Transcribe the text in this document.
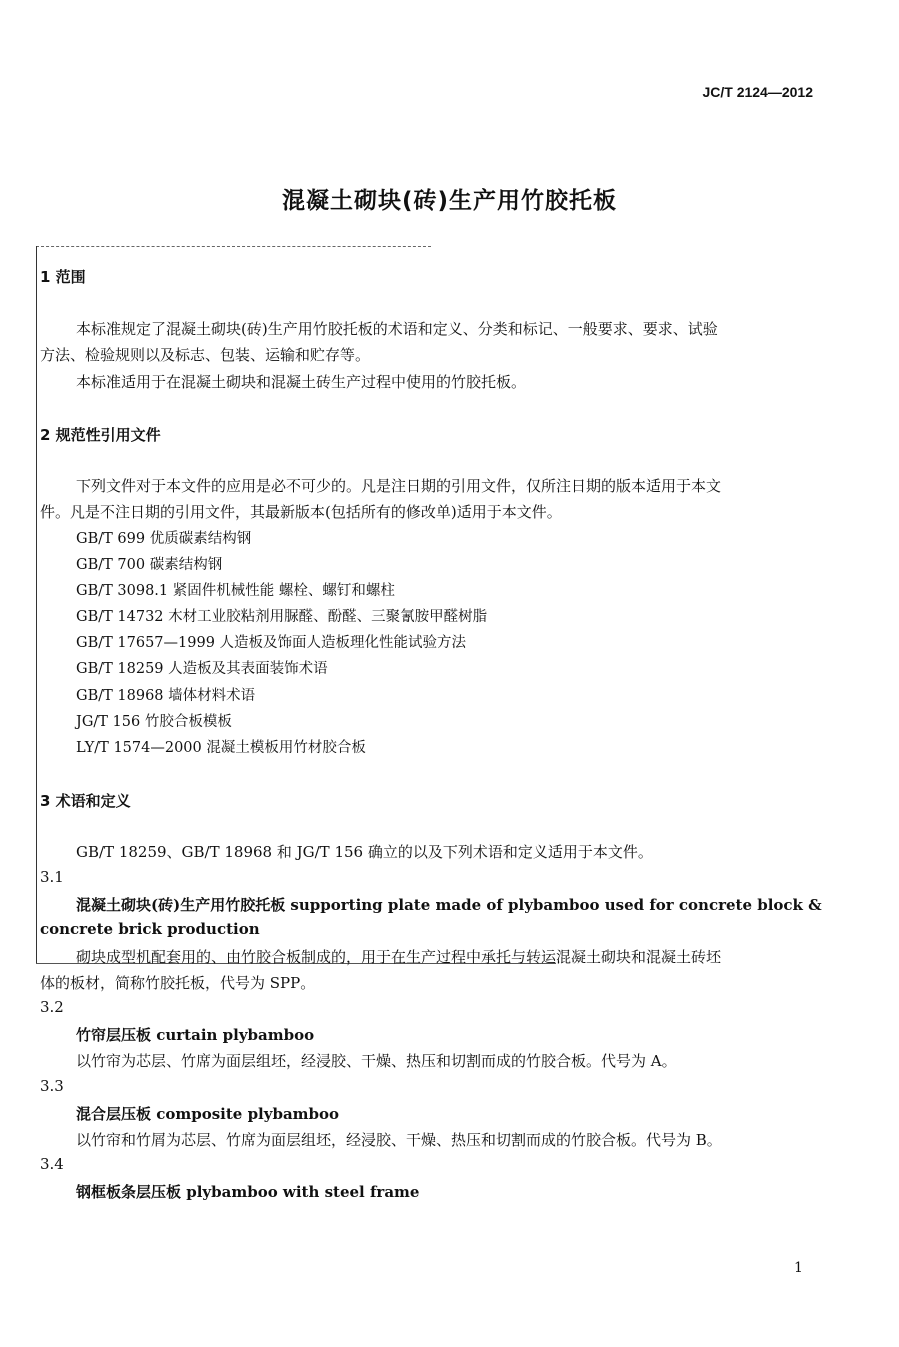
JC/T 2124—2012
混凝土砌块(砖)生产用竹胶托板
1 范围
本标准规定了混凝土砌块(砖)生产用竹胶托板的术语和定义、分类和标记、一般要求、要求、试验
方法、检验规则以及标志、包装、运输和贮存等。
本标准适用于在混凝土砌块和混凝土砖生产过程中使用的竹胶托板。
2 规范性引用文件
下列文件对于本文件的应用是必不可少的。凡是注日期的引用文件，仅所注日期的版本适用于本文
件。凡是不注日期的引用文件，其最新版本(包括所有的修改单)适用于本文件。
GB/T 699 优质碳素结构钢
GB/T 700 碳素结构钢
GB/T 3098.1 紧固件机械性能 螺栓、螺钉和螺柱
GB/T 14732 木材工业胶粘剂用脲醛、酚醛、三聚氰胺甲醛树脂
GB/T 17657—1999 人造板及饰面人造板理化性能试验方法
GB/T 18259 人造板及其表面装饰术语
GB/T 18968 墙体材料术语
JG/T 156 竹胶合板模板
LY/T 1574—2000 混凝土模板用竹材胶合板
3 术语和定义
GB/T 18259、GB/T 18968 和 JG/T 156 确立的以及下列术语和定义适用于本文件。
3.1
混凝土砌块(砖)生产用竹胶托板 supporting plate made of plybamboo used for concrete block &
concrete brick production
砌块成型机配套用的、由竹胶合板制成的，用于在生产过程中承托与转运混凝土砌块和混凝土砖坯
体的板材，简称竹胶托板，代号为 SPP。
3.2
竹帘层压板 curtain plybamboo
以竹帘为芯层、竹席为面层组坯，经浸胶、干燥、热压和切割而成的竹胶合板。代号为 A。
3.3
混合层压板 composite plybamboo
以竹帘和竹屑为芯层、竹席为面层组坯，经浸胶、干燥、热压和切割而成的竹胶合板。代号为 B。
3.4
钢框板条层压板 plybamboo with steel frame
1
